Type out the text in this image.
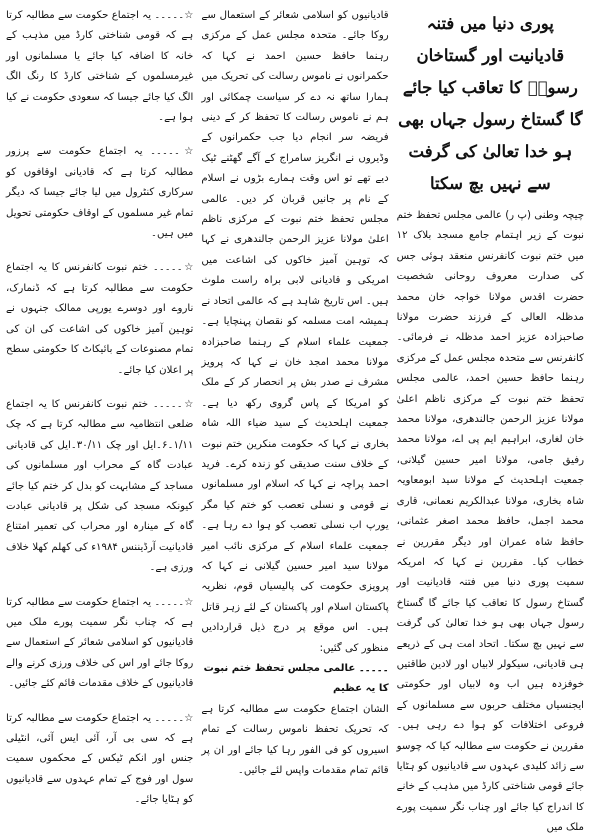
پوری دنیا میں فتنہ قادیانیت اور گستاخان رسولؐ کا تعاقب کیا جائے گا گستاخ رسول جہاں بھی ہو خدا تعالیٰ کی گرفت سے نہیں بچ سکتا

چیچہ وطنی (پ ر) عالمی مجلس تحفظ ختم نبوت کے زیر اہتمام جامع مسجد بلاک ۱۲ میں ختم نبوت کانفرنس منعقد ہوئی جس کی صدارت معروف روحانی شخصیت حضرت اقدس مولانا خواجہ خان محمد مدظلہ العالی کے فرزند حضرت مولانا صاحبزادہ عزیز احمد مدظلہ نے فرمائی۔ کانفرنس سے متحدہ مجلس عمل کے مرکزی رہنما حافظ حسین احمد، عالمی مجلس تحفظ ختم نبوت کے مرکزی ناظم اعلیٰ مولانا عزیز الرحمن جالندھری، مولانا محمد خان لغاری، ابراہیم ایم پی اے، مولانا محمد رفیق جامی، مولانا امیر حسین گیلانی، جمعیت اہلحدیث کے مولانا سید ابومعاویہ شاہ بخاری، مولانا عبدالکریم نعمانی، قاری محمد اجمل، حافظ محمد اصغر عثمانی، حافظ شاہ عمران اور دیگر مقررین نے خطاب کیا۔ مقررین نے کہا کہ امریکہ سمیت پوری دنیا میں فتنہ قادیانیت اور گستاخ رسول کا تعاقب کیا جائے گا گستاخ رسول جہاں بھی ہو خدا تعالیٰ کی گرفت سے نہیں بچ سکتا۔ اتحاد امت ہی کے ذریعے ہی قادیانی، سیکولر لابیاں اور لادین طاقتیں خوفزدہ ہیں اب وہ لابیاں اور حکومتی ایجنسیاں مختلف حربوں سے مسلمانوں کے فروعی اختلافات کو ہوا دے رہی ہیں۔ مقررین نے حکومت سے مطالبہ کیا کہ چوسو سے زائد کلیدی عہدوں سے قادیانیوں کو ہٹایا جائے قومی شناختی کارڈ میں مذہب کے خانے کا اندراج کیا جائے اور چناب نگر سمیت پورے ملک میں

قادیانیوں کو اسلامی شعائر کے استعمال سے روکا جائے۔ متحدہ مجلس عمل کے مرکزی رہنما حافظ حسین احمد نے کہا کہ حکمرانوں نے ناموس رسالت کی تحریک میں ہمارا ساتھ نہ دے کر سیاست چمکائی اور ہم نے ناموس رسالت کا تحفظ کر کے دینی فریضہ سر انجام دیا جب حکمرانوں کے وڈیروں نے انگریز سامراج کے آگے گھٹنے ٹیک دیے تھے تو اس وقت ہمارے بڑوں نے اسلام کے نام پر جانیں قربان کر دیں۔ عالمی مجلس تحفظ ختم نبوت کے مرکزی ناظم اعلیٰ مولانا عزیز الرحمن جالندھری نے کہا کہ توہین آمیز خاکوں کی اشاعت میں امریکی و قادیانی لابی براہ راست ملوث ہیں۔ اس تاریخ شاہد ہے کہ عالمی اتحاد نے ہمیشہ امت مسلمہ کو نقصان پہنچایا ہے۔ جمعیت علماء اسلام کے رہنما صاحبزادہ مولانا محمد امجد خان نے کہا کہ پرویز مشرف نے صدر بش پر انحصار کر کے ملک کو امریکا کے پاس گروی رکھ دیا ہے۔ جمعیت اہلحدیث کے سید ضیاء اللہ شاہ بخاری نے کہا کہ حکومت منکرین ختم نبوت کے خلاف سنت صدیقی کو زندہ کرے۔ فرید احمد پراچہ نے کہا کہ اسلام اور مسلمانوں نے قومی و نسلی تعصب کو ختم کیا مگر یورپ اب نسلی تعصب کو ہوا دے رہا ہے۔ جمعیت علماء اسلام کے مرکزی نائب امیر مولانا سید امیر حسین گیلانی نے کہا کہ پرویزی حکومت کی پالیسیاں قوم، نظریہ پاکستان اسلام اور پاکستان کے لئے زہر قاتل ہیں۔ اس موقع پر درج ذیل قراردادیں منظور کی گئیں:

۔۔۔۔۔ عالمی مجلس تحفظ ختم نبوت کا یہ عظیم

الشان اجتماع حکومت سے مطالبہ کرتا ہے کہ تحریک تحفظ ناموس رسالت کے تمام اسیروں کو فی الفور رہا کیا جائے اور ان پر قائم تمام مقدمات واپس لئے جائیں۔

☆۔۔۔۔۔ یہ اجتماع حکومت سے مطالبہ کرتا ہے کہ قومی شناختی کارڈ میں مذہب کے خانہ کا اضافہ کیا جائے یا مسلمانوں اور غیرمسلموں کے شناختی کارڈ کا رنگ الگ الگ کیا جائے جیسا کہ سعودی حکومت نے کیا ہوا ہے۔

☆۔۔۔۔۔ یہ اجتماع حکومت سے پرزور مطالبہ کرتا ہے کہ قادیانی اوقافوں کو سرکاری کنٹرول میں لیا جائے جیسا کہ دیگر تمام غیر مسلموں کے اوقاف حکومتی تحویل میں ہیں۔

☆۔۔۔۔۔ ختم نبوت کانفرنس کا یہ اجتماع حکومت سے مطالبہ کرتا ہے کہ ڈنمارک، ناروے اور دوسرے یورپی ممالک جنہوں نے توہین آمیز خاکوں کی اشاعت کی ان کی تمام مصنوعات کے بائیکاٹ کا حکومتی سطح پر اعلان کیا جائے۔

☆۔۔۔۔۔ ختم نبوت کانفرنس کا یہ اجتماع ضلعی انتظامیہ سے مطالبہ کرتا ہے کہ چک ۱/۱۱۔۶۔ایل اور چک ۳۰/۱۱۔ایل کی قادیانی عبادت گاہ کے محراب اور مسلمانوں کی مساجد کے مشابہت کو بدل کر ختم کیا جائے کیونکہ مسجد کی شکل پر قادیانی عبادت گاہ کے مینارہ اور محراب کی تعمیر امتناع قادیانیت آرڈیننس ۱۹۸۴ء کی کھلم کھلا خلاف ورزی ہے۔

☆۔۔۔۔۔ یہ اجتماع حکومت سے مطالبہ کرتا ہے کہ چناب نگر سمیت پورے ملک میں قادیانیوں کو اسلامی شعائر کے استعمال سے روکا جائے اور اس کی خلاف ورزی کرنے والے قادیانیوں کے خلاف مقدمات قائم کئے جائیں۔

☆۔۔۔۔۔ یہ اجتماع حکومت سے مطالبہ کرتا ہے کہ سی بی آر، آئی ایس آئی، انٹیلی جنس اور انکم ٹیکس کے محکموں سمیت سول اور فوج کے تمام عہدوں سے قادیانیوں کو ہٹایا جائے۔
